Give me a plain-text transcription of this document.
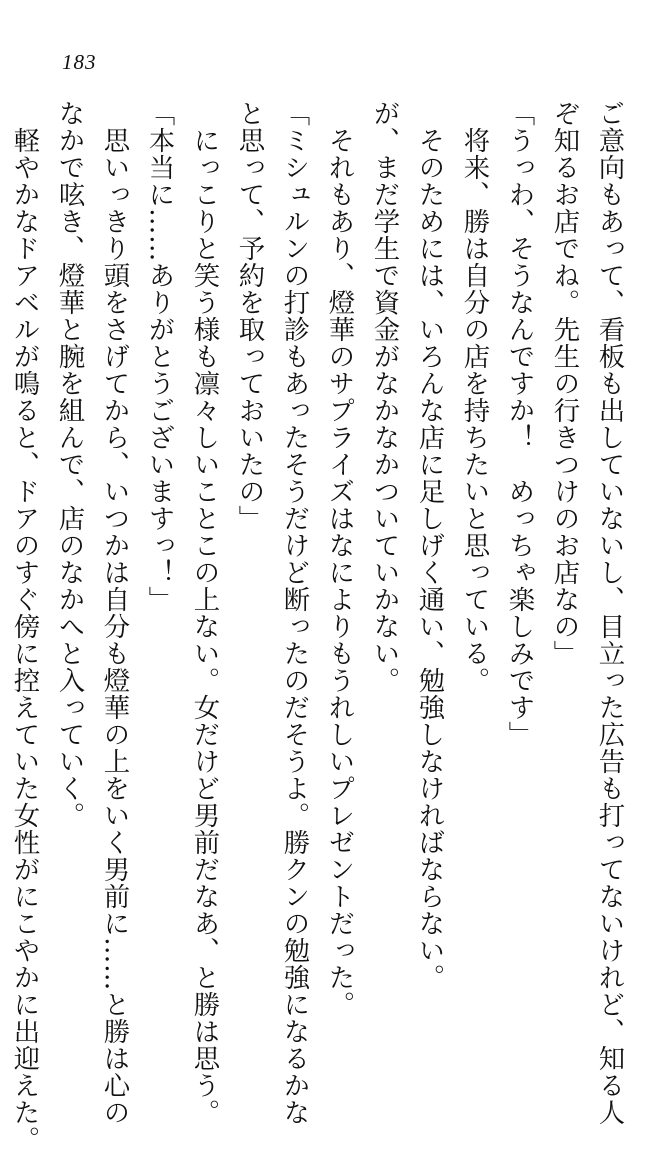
183

ご意向もあって、看板も出していないし、目立った広告も打ってないけれど、知る人

ぞ知るお店でね。先生の行きつけのお店なの」

「うっわ、そうなんですか！　めっちゃ楽しみです」

　将来、勝は自分の店を持ちたいと思っている。

　そのためには、いろんな店に足しげく通い、勉強しなければならない。

が、まだ学生で資金がなかなかついていかない。

　それもあり、燈華のサプライズはなによりもうれしいプレゼントだった。

「ミシュルンの打診もあったそうだけど断ったのだそうよ。勝クンの勉強になるかな

と思って、予約を取っておいたの」

　にっこりと笑う様も凛々しいことこの上ない。女だけど男前だなあ、と勝は思う。

「本当に……ありがとうございますっ！」

　思いっきり頭をさげてから、いつかは自分も燈華の上をいく男前に……と勝は心の

なかで呟き、燈華と腕を組んで、店のなかへと入っていく。

　軽やかなドアベルが鳴ると、ドアのすぐ傍に控えていた女性がにこやかに出迎えた。
